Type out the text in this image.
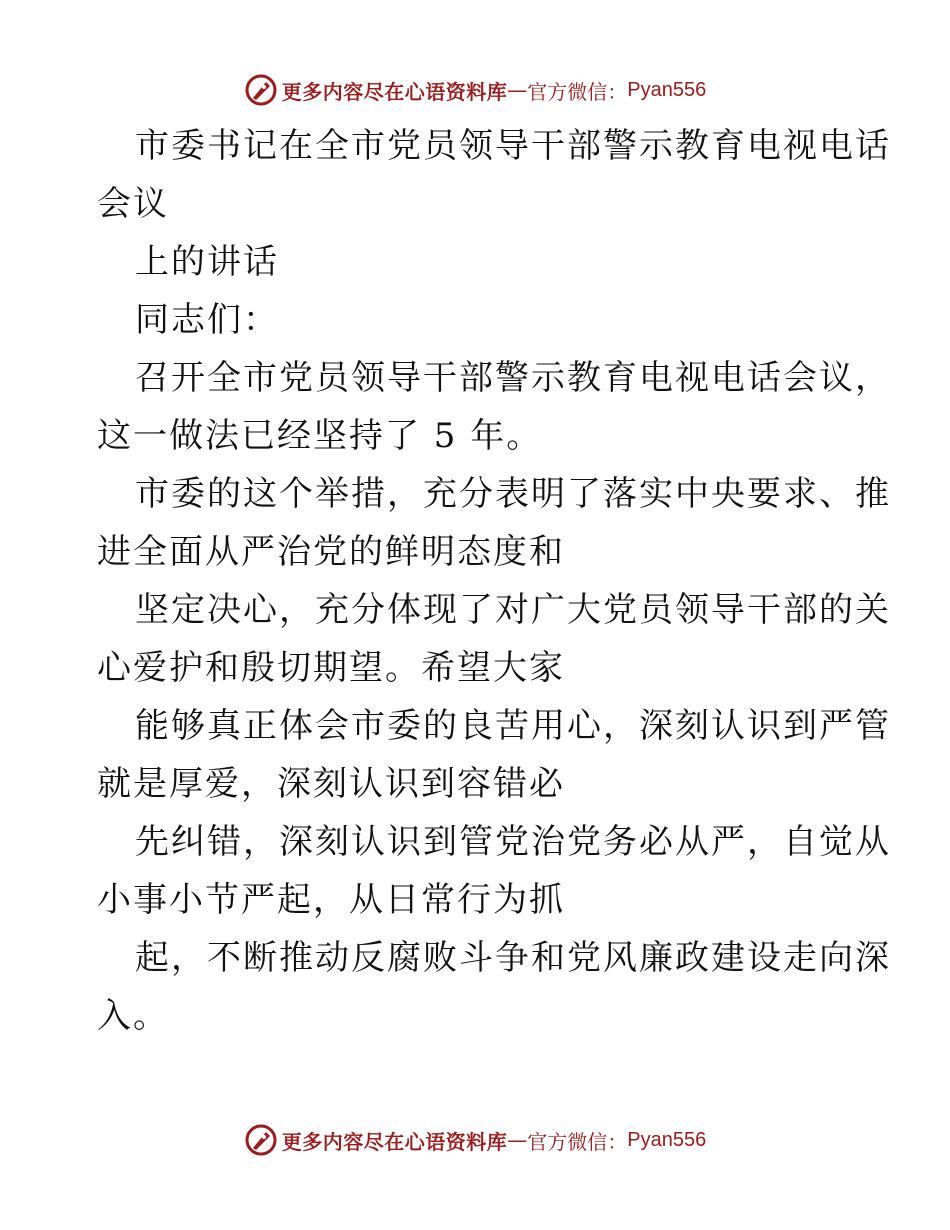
更多内容尽在心语资料库 — 官方微信： Pyan556
市委书记在全市党员领导干部警示教育电视电话
会议
上的讲话
同志们：
召开全市党员领导干部警示教育电视电话会议，
这一做法已经坚持了 5 年。
市委的这个举措，充分表明了落实中央要求、推
进全面从严治党的鲜明态度和
坚定决心，充分体现了对广大党员领导干部的关
心爱护和殷切期望。希望大家
能够真正体会市委的良苦用心，深刻认识到严管
就是厚爱，深刻认识到容错必
先纠错，深刻认识到管党治党务必从严，自觉从
小事小节严起，从日常行为抓
起，不断推动反腐败斗争和党风廉政建设走向深
入。
更多内容尽在心语资料库 — 官方微信： Pyan556
